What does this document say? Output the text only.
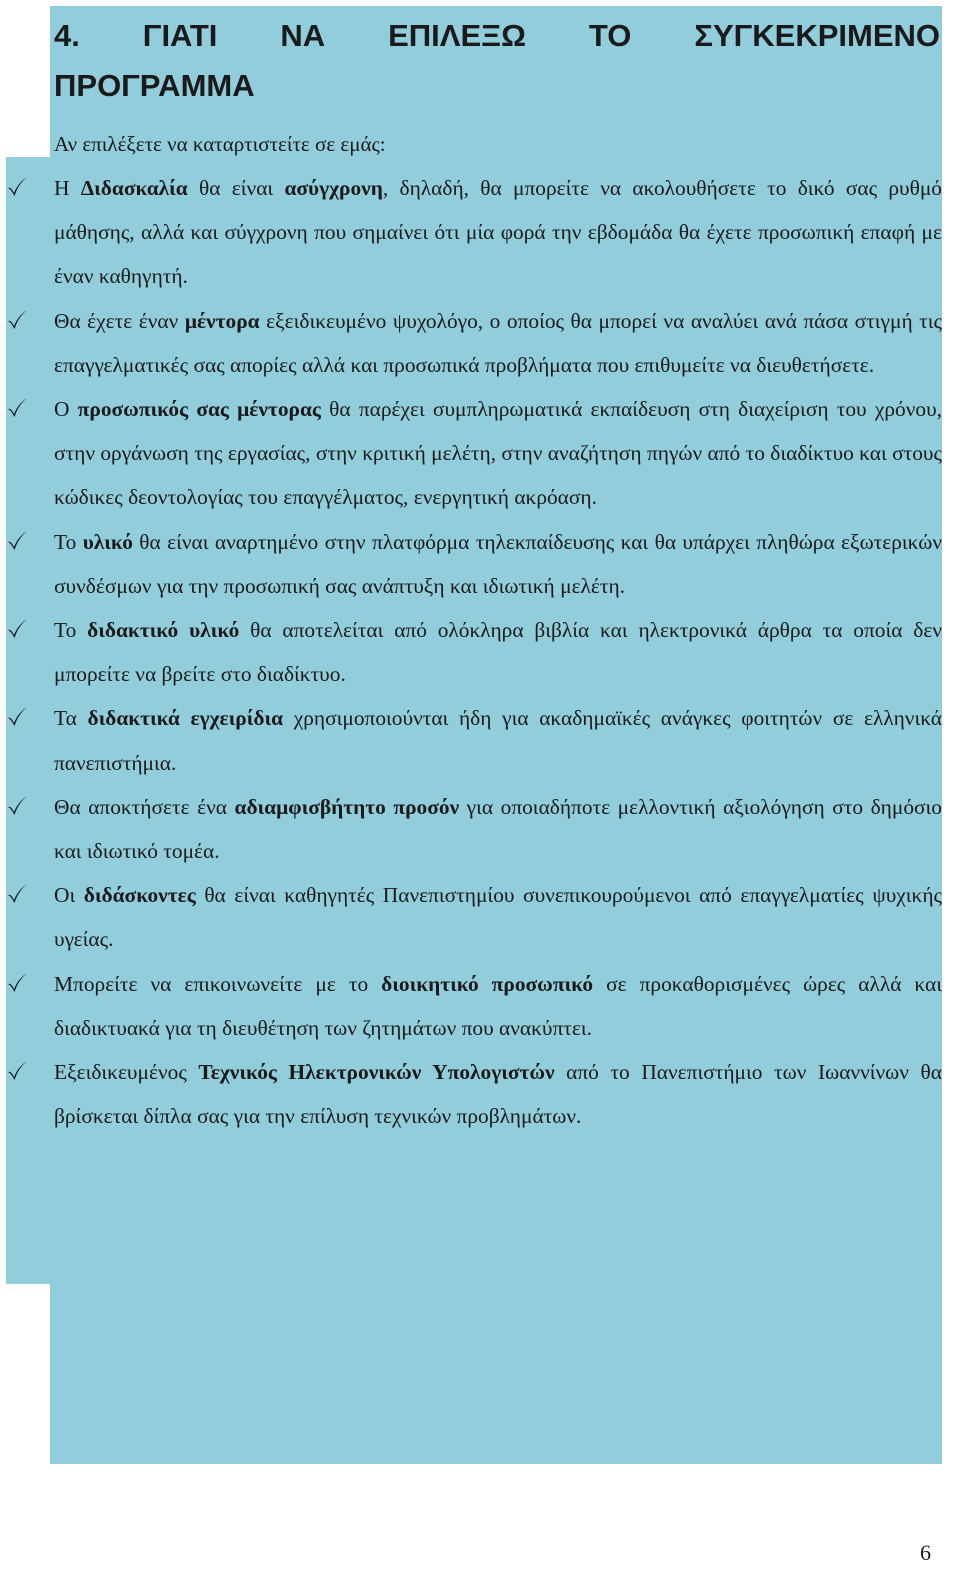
4. ΓΙΑΤΙ ΝΑ ΕΠΙΛΕΞΩ ΤΟ ΣΥΓΚΕΚΡΙΜΕΝΟ
ΠΡΟΓΡΑΜΜΑ
Αν επιλέξετε να καταρτιστείτε σε εμάς:
Η Διδασκαλία θα είναι ασύγχρονη, δηλαδή, θα μπορείτε να ακολουθήσετε το δικό σας ρυθμό μάθησης, αλλά και σύγχρονη που σημαίνει ότι μία φορά την εβδομάδα θα έχετε προσωπική επαφή με έναν καθηγητή.
Θα έχετε έναν μέντορα εξειδικευμένο ψυχολόγο, ο οποίος θα μπορεί να αναλύει ανά πάσα στιγμή τις επαγγελματικές σας απορίες αλλά και προσωπικά προβλήματα που επιθυμείτε να διευθετήσετε.
Ο προσωπικός σας μέντορας θα παρέχει συμπληρωματικά εκπαίδευση στη διαχείριση του χρόνου, στην οργάνωση της εργασίας, στην κριτική μελέτη, στην αναζήτηση πηγών από το διαδίκτυο και στους κώδικες δεοντολογίας του επαγγέλματος, ενεργητική ακρόαση.
Το υλικό θα είναι αναρτημένο στην πλατφόρμα τηλεκπαίδευσης και θα υπάρχει πληθώρα εξωτερικών συνδέσμων για την προσωπική σας ανάπτυξη και ιδιωτική μελέτη.
Το διδακτικό υλικό θα αποτελείται από ολόκληρα βιβλία και ηλεκτρονικά άρθρα τα οποία δεν μπορείτε να βρείτε στο διαδίκτυο.
Τα διδακτικά εγχειρίδια χρησιμοποιούνται ήδη για ακαδημαϊκές ανάγκες φοιτητών σε ελληνικά πανεπιστήμια.
Θα αποκτήσετε ένα αδιαμφισβήτητο προσόν για οποιαδήποτε μελλοντική αξιολόγηση στο δημόσιο και ιδιωτικό τομέα.
Οι διδάσκοντες θα είναι καθηγητές Πανεπιστημίου συνεπικουρούμενοι από επαγγελματίες ψυχικής υγείας.
Μπορείτε να επικοινωνείτε με το διοικητικό προσωπικό σε προκαθορισμένες ώρες αλλά και διαδικτυακά για τη διευθέτηση των ζητημάτων που ανακύπτει.
Εξειδικευμένος Τεχνικός Ηλεκτρονικών Υπολογιστών από το Πανεπιστήμιο των Ιωαννίνων θα βρίσκεται δίπλα σας για την επίλυση τεχνικών προβλημάτων.
6
